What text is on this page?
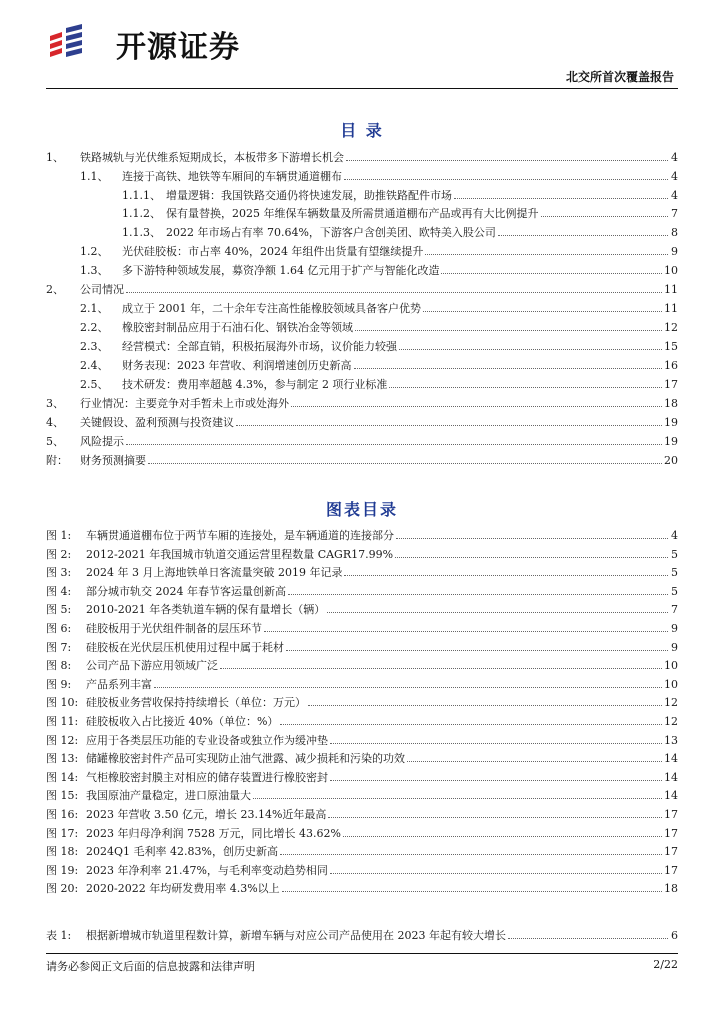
开源证券
北交所首次覆盖报告
目 录
1、	铁路城轨与光伏维系短期成长，本板带多下游增长机会	4
1.1、	连接于高铁、地铁等车厢间的车辆贯通道棚布	4
1.1.1、 增量逻辑：我国铁路交通仍将快速发展，助推铁路配件市场	4
1.1.2、 保有量替换，2025 年维保车辆数量及所需贯通道棚布产品或再有大比例提升	7
1.1.3、 2022 年市场占有率 70.64%，下游客户含创美团、欧特美入股公司	8
1.2、	光伏硅胶板：市占率 40%，2024 年组件出货量有望继续提升	9
1.3、	多下游特种领域发展，募资净额 1.64 亿元用于扩产与智能化改造	10
2、	公司情况	11
2.1、	成立于 2001 年，二十余年专注高性能橡胶领域具备客户优势	11
2.2、	橡胶密封制品应用于石油石化、钢铁冶金等领域	12
2.3、	经营模式：全部直销，积极拓展海外市场，议价能力较强	15
2.4、	财务表现：2023 年营收、利润增速创历史新高	16
2.5、	技术研发：费用率超越 4.3%，参与制定 2 项行业标准	17
3、	行业情况：主要竞争对手暂未上市或处海外	18
4、	关键假设、盈利预测与投资建议	19
5、	风险提示	19
附：	财务预测摘要	20
图表目录
图 1:	车辆贯通道棚布位于两节车厢的连接处，是车辆通道的连接部分	4
图 2:	2012-2021 年我国城市轨道交通运营里程数量 CAGR17.99%	5
图 3:	2024 年 3 月上海地铁单日客流量突破 2019 年记录	5
图 4:	部分城市轨交 2024 年春节客运量创新高	5
图 5:	2010-2021 年各类轨道车辆的保有量增长（辆）	7
图 6:	硅胶板用于光伏组件制备的层压环节	9
图 7:	硅胶板在光伏层压机使用过程中属于耗材	9
图 8:	公司产品下游应用领域广泛	10
图 9:	产品系列丰富	10
图 10: 硅胶板业务营收保持持续增长（单位：万元）	12
图 11: 硅胶板收入占比接近 40%（单位：%）	12
图 12: 应用于各类层压功能的专业设备或独立作为缓冲垫	13
图 13: 储罐橡胶密封件产品可实现防止油气泄露、减少损耗和污染的功效	14
图 14: 气柜橡胶密封膜主对相应的储存装置进行橡胶密封	14
图 15: 我国原油产量稳定，进口原油量大	14
图 16: 2023 年营收 3.50 亿元，增长 23.14%近年最高	17
图 17: 2023 年归母净利润 7528 万元，同比增长 43.62%	17
图 18: 2024Q1 毛利率 42.83%，创历史新高	17
图 19: 2023 年净利率 21.47%，与毛利率变动趋势相同	17
图 20: 2020-2022 年均研发费用率 4.3%以上	18
表 1:	根据新增城市轨道里程数计算，新增车辆与对应公司产品使用在 2023 年起有较大增长	6
请务必参阅正文后面的信息披露和法律声明	2/22
